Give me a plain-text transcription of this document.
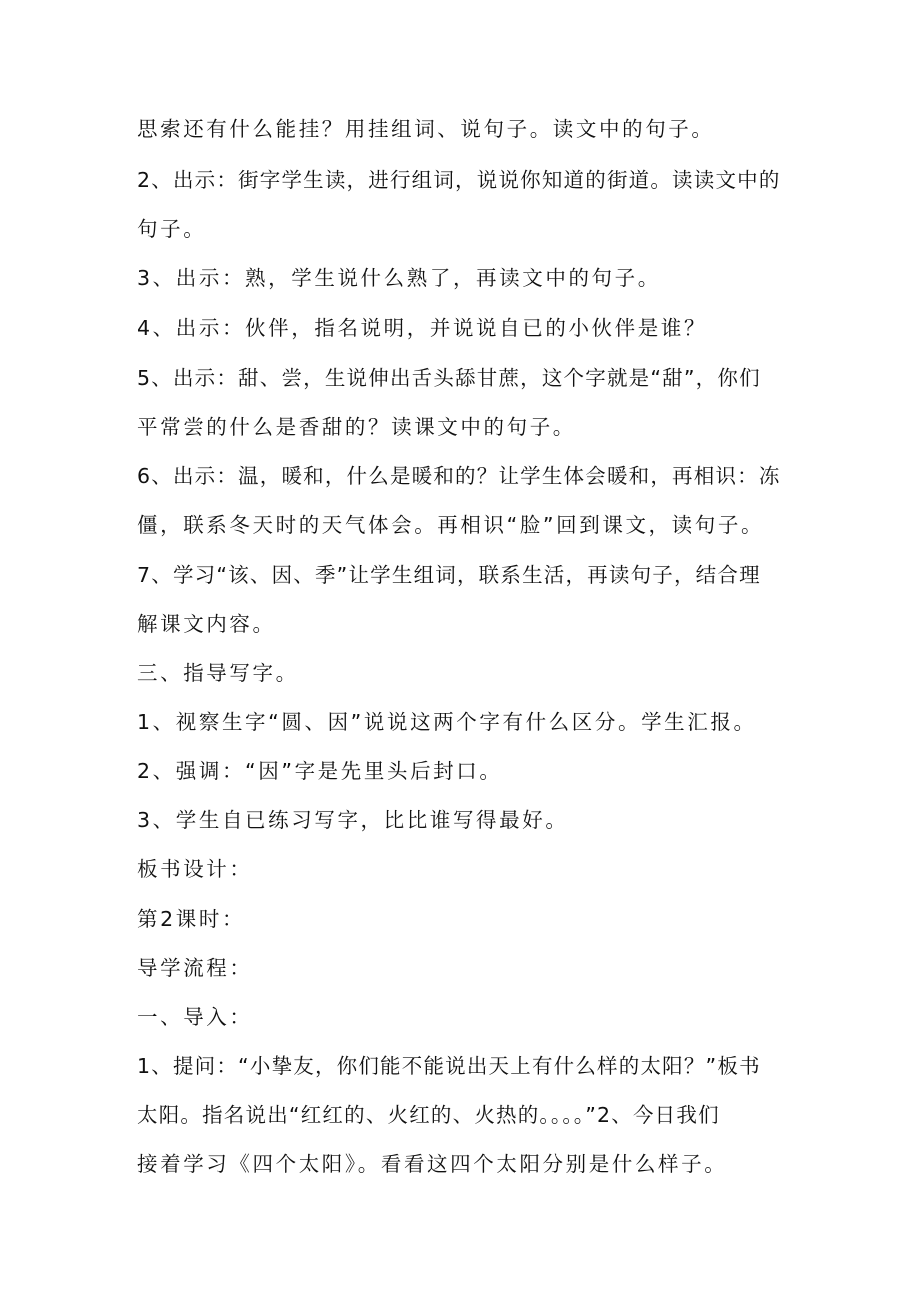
思索还有什么能挂？用挂组词、说句子。读文中的句子。
2、出示：街字学生读，进行组词，说说你知道的街道。读读文中的
句子。
3、出示：熟，学生说什么熟了，再读文中的句子。
4、出示：伙伴，指名说明，并说说自已的小伙伴是谁？
5、出示：甜、尝，生说伸出舌头舔甘蔗，这个字就是“甜”，你们
平常尝的什么是香甜的？读课文中的句子。
6、出示：温，暖和，什么是暖和的？让学生体会暖和，再相识：冻
僵，联系冬天时的天气体会。再相识“脸”回到课文，读句子。
7、学习“该、因、季”让学生组词，联系生活，再读句子，结合理
解课文内容。
三、指导写字。
1、视察生字“圆、因”说说这两个字有什么区分。学生汇报。
2、强调：“因”字是先里头后封口。
3、学生自已练习写字，比比谁写得最好。
板书设计：
第2课时：
导学流程：
一、导入：
1、提问：“小挚友，你们能不能说出天上有什么样的太阳？”板书
太阳。指名说出“红红的、火红的、火热的。。。。”2、今日我们
接着学习《四个太阳》。看看这四个太阳分别是什么样子。
